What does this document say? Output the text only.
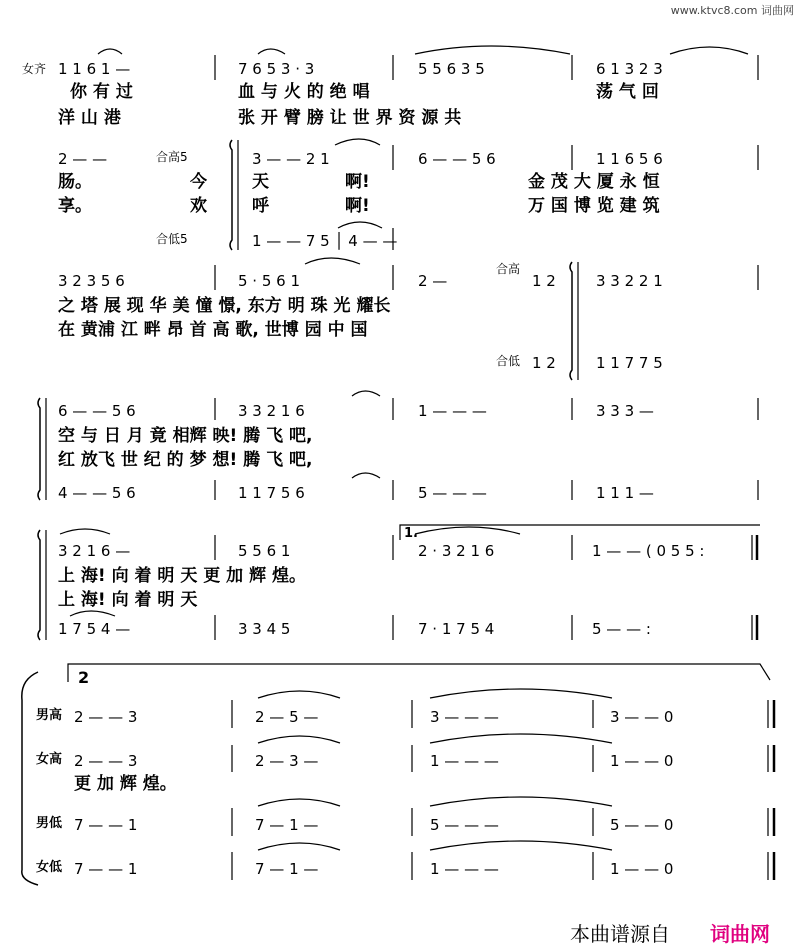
www.ktvc8.com 词曲网
女齐 1 1 6 1 —	7 6 5 3 · 3	5 5 6 3 5	6 1 3 2 3
你 有 过	血 与 火 的 绝 唱	荡 气 回
洋 山 港	张 开 臂 膀 让 世 界 资 源 共
2 — —	合高5	3 — — 2 1	6 — — 5 6	1 1 6 5 6
肠。	今	天	啊!	金 茂 大 厦 永 恒
享。	欢	呼	啊!	万 国 博 览 建 筑
合低5	1 — — 7 5 │ 4 — —
3 2 3 5 6	5 · 5 6 1	2 —
合高
1 2	3 3 2 2 1
之 塔 展 现 华 美 憧 憬, 东方 明 珠 光 耀长
在 黄浦 江 畔 昂 首 高 歌, 世博 园 中 国
合低 1 2	1 1 7 7 5
6 — — 5 6	3 3 2 1 6	1 — — —	3 3 3 —
空 与 日 月 竟 相辉 映! 腾 飞 吧,
红 放飞 世 纪 的 梦 想! 腾 飞 吧,
4 — — 5 6	1 1 7 5 6	5 — — —	1 1 1 —
1.
3 2 1 6 —	5 5 6 1	2 · 3 2 1 6	1 — — ( 0 5 5 :
上 海! 向 着 明 天 更 加 辉 煌。
上 海! 向 着 明 天
1 7 5 4 —	3 3 4 5	7 · 1 7 5 4	5 — — :
2
男高 2 — — 3	2 — 5 —	3 — — —	3 — — 0
女高 2 — — 3	2 — 3 —	1 — — —	1 — — 0
更 加 辉 煌。
男低 7 — — 1	7 — 1 —	5 — — —	5 — — 0
女低 7 — — 1	7 — 1 —	1 — — —	1 — — 0
本曲谱源自 词曲网
